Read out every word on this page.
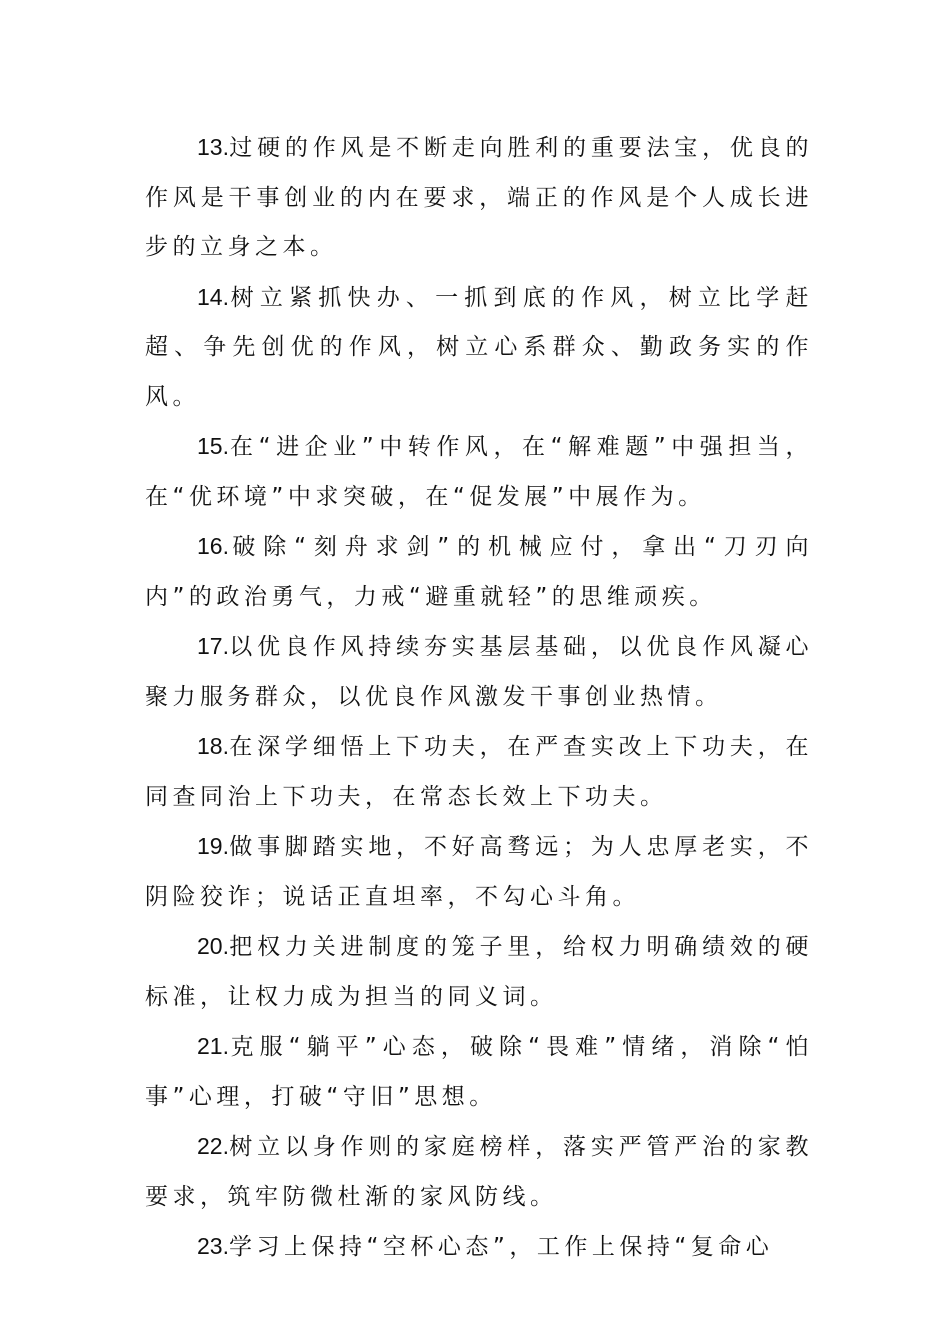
13.过硬的作风是不断走向胜利的重要法宝，优良的作风是干事创业的内在要求，端正的作风是个人成长进步的立身之本。

14.树立紧抓快办、一抓到底的作风，树立比学赶超、争先创优的作风，树立心系群众、勤政务实的作风。

15.在“进企业”中转作风，在“解难题”中强担当，在“优环境”中求突破，在“促发展”中展作为。

16.破除“刻舟求剑”的机械应付，拿出“刀刃向内”的政治勇气，力戒“避重就轻”的思维顽疾。

17.以优良作风持续夯实基层基础，以优良作风凝心聚力服务群众，以优良作风激发干事创业热情。

18.在深学细悟上下功夫，在严查实改上下功夫，在同查同治上下功夫，在常态长效上下功夫。

19.做事脚踏实地，不好高骛远；为人忠厚老实，不阴险狡诈；说话正直坦率，不勾心斗角。

20.把权力关进制度的笼子里，给权力明确绩效的硬标准，让权力成为担当的同义词。

21.克服“躺平”心态，破除“畏难”情绪，消除“怕事”心理，打破“守旧”思想。

22.树立以身作则的家庭榜样，落实严管严治的家教要求，筑牢防微杜渐的家风防线。

23.学习上保持“空杯心态”，工作上保持“复命心
